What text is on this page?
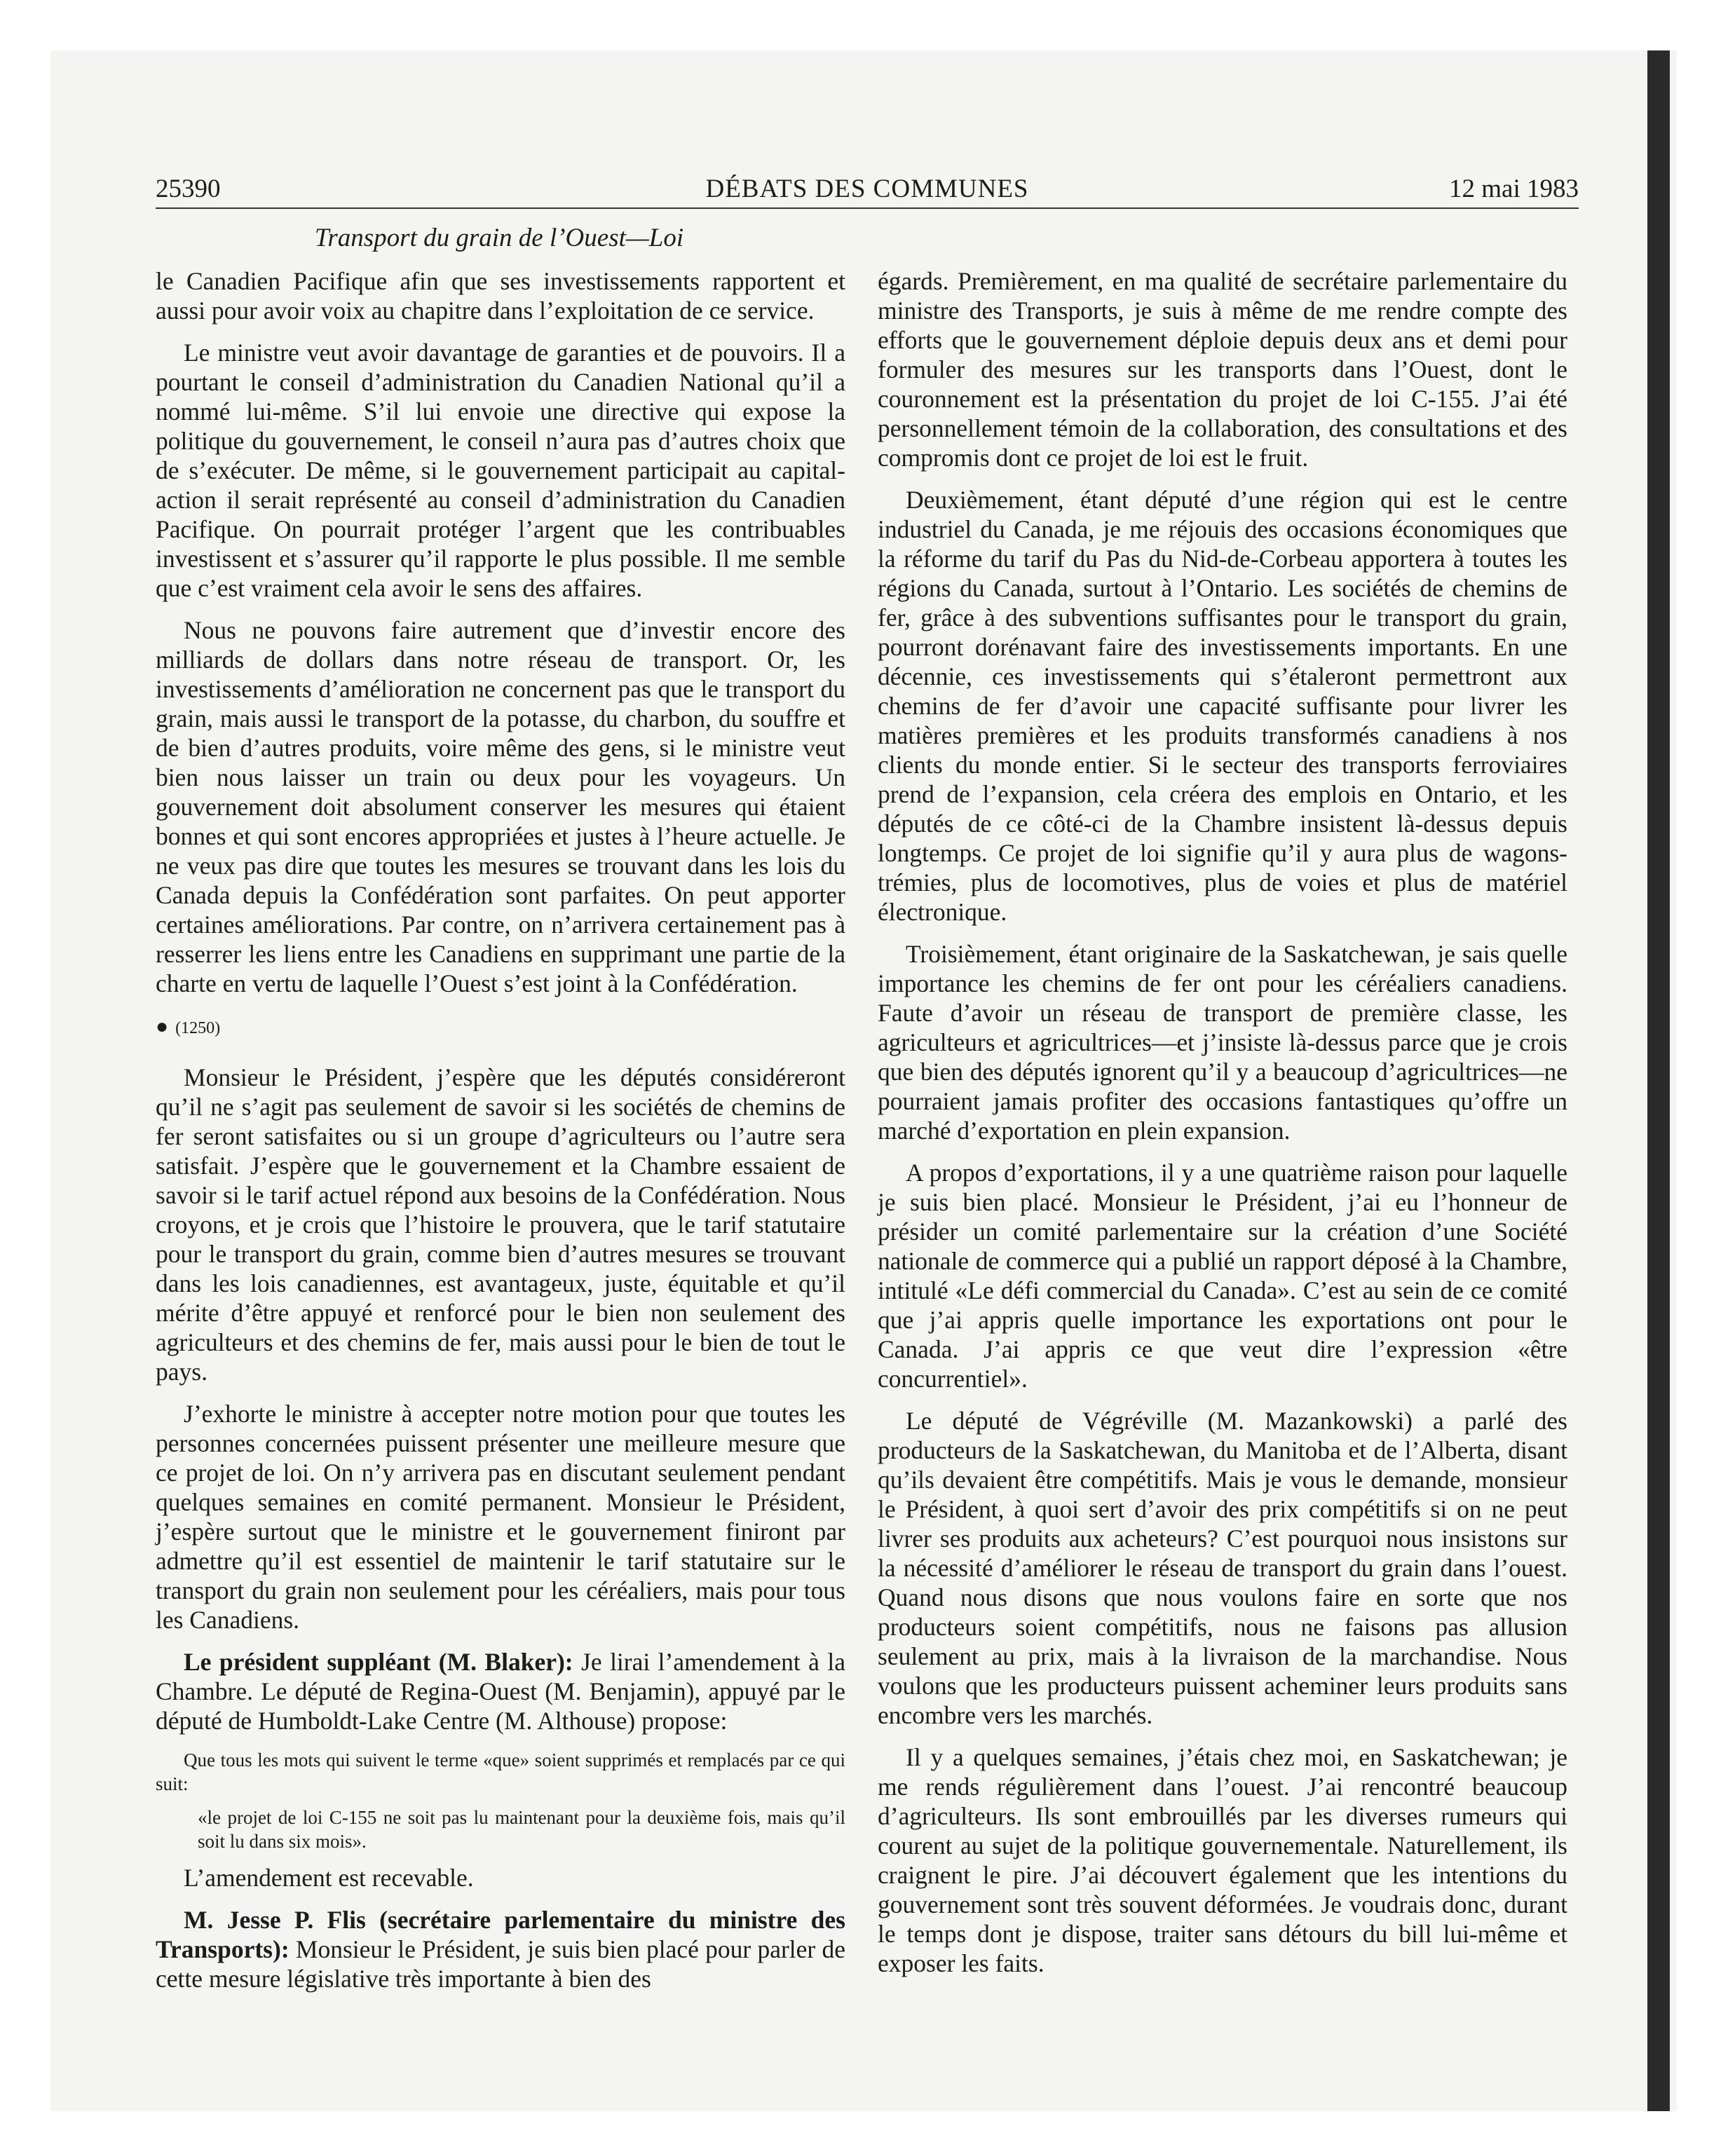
25390	DÉBATS DES COMMUNES	12 mai 1983
Transport du grain de l’Ouest—Loi

le Canadien Pacifique afin que ses investissements rapportent et aussi pour avoir voix au chapitre dans l’exploitation de ce service.

Le ministre veut avoir davantage de garanties et de pouvoirs. Il a pourtant le conseil d’administration du Canadien National qu’il a nommé lui-même. S’il lui envoie une directive qui expose la politique du gouvernement, le conseil n’aura pas d’autres choix que de s’exécuter. De même, si le gouvernement participait au capital-action il serait représenté au conseil d’administration du Canadien Pacifique. On pourrait protéger l’argent que les contribuables investissent et s’assurer qu’il rapporte le plus possible. Il me semble que c’est vraiment cela avoir le sens des affaires.

Nous ne pouvons faire autrement que d’investir encore des milliards de dollars dans notre réseau de transport. Or, les investissements d’amélioration ne concernent pas que le transport du grain, mais aussi le transport de la potasse, du charbon, du souffre et de bien d’autres produits, voire même des gens, si le ministre veut bien nous laisser un train ou deux pour les voyageurs. Un gouvernement doit absolument conserver les mesures qui étaient bonnes et qui sont encores appropriées et justes à l’heure actuelle. Je ne veux pas dire que toutes les mesures se trouvant dans les lois du Canada depuis la Confédération sont parfaites. On peut apporter certaines améliorations. Par contre, on n’arrivera certainement pas à resserrer les liens entre les Canadiens en supprimant une partie de la charte en vertu de laquelle l’Ouest s’est joint à la Confédération.

● (1250)

Monsieur le Président, j’espère que les députés considéreront qu’il ne s’agit pas seulement de savoir si les sociétés de chemins de fer seront satisfaites ou si un groupe d’agriculteurs ou l’autre sera satisfait. J’espère que le gouvernement et la Chambre essaient de savoir si le tarif actuel répond aux besoins de la Confédération. Nous croyons, et je crois que l’histoire le prouvera, que le tarif statutaire pour le transport du grain, comme bien d’autres mesures se trouvant dans les lois canadiennes, est avantageux, juste, équitable et qu’il mérite d’être appuyé et renforcé pour le bien non seulement des agriculteurs et des chemins de fer, mais aussi pour le bien de tout le pays.

J’exhorte le ministre à accepter notre motion pour que toutes les personnes concernées puissent présenter une meilleure mesure que ce projet de loi. On n’y arrivera pas en discutant seulement pendant quelques semaines en comité permanent. Monsieur le Président, j’espère surtout que le ministre et le gouvernement finiront par admettre qu’il est essentiel de maintenir le tarif statutaire sur le transport du grain non seulement pour les céréaliers, mais pour tous les Canadiens.

Le président suppléant (M. Blaker): Je lirai l’amendement à la Chambre. Le député de Regina-Ouest (M. Benjamin), appuyé par le député de Humboldt-Lake Centre (M. Althouse) propose:

Que tous les mots qui suivent le terme «que» soient supprimés et remplacés par ce qui suit:
«le projet de loi C-155 ne soit pas lu maintenant pour la deuxième fois, mais qu’il soit lu dans six mois».

L’amendement est recevable.

M. Jesse P. Flis (secrétaire parlementaire du ministre des Transports): Monsieur le Président, je suis bien placé pour parler de cette mesure législative très importante à bien des

égards. Premièrement, en ma qualité de secrétaire parlementaire du ministre des Transports, je suis à même de me rendre compte des efforts que le gouvernement déploie depuis deux ans et demi pour formuler des mesures sur les transports dans l’Ouest, dont le couronnement est la présentation du projet de loi C-155. J’ai été personnellement témoin de la collaboration, des consultations et des compromis dont ce projet de loi est le fruit.

Deuxièmement, étant député d’une région qui est le centre industriel du Canada, je me réjouis des occasions économiques que la réforme du tarif du Pas du Nid-de-Corbeau apportera à toutes les régions du Canada, surtout à l’Ontario. Les sociétés de chemins de fer, grâce à des subventions suffisantes pour le transport du grain, pourront dorénavant faire des investissements importants. En une décennie, ces investissements qui s’étaleront permettront aux chemins de fer d’avoir une capacité suffisante pour livrer les matières premières et les produits transformés canadiens à nos clients du monde entier. Si le secteur des transports ferroviaires prend de l’expansion, cela créera des emplois en Ontario, et les députés de ce côté-ci de la Chambre insistent là-dessus depuis longtemps. Ce projet de loi signifie qu’il y aura plus de wagons-trémies, plus de locomotives, plus de voies et plus de matériel électronique.

Troisièmement, étant originaire de la Saskatchewan, je sais quelle importance les chemins de fer ont pour les céréaliers canadiens. Faute d’avoir un réseau de transport de première classe, les agriculteurs et agricultrices—et j’insiste là-dessus parce que je crois que bien des députés ignorent qu’il y a beaucoup d’agricultrices—ne pourraient jamais profiter des occasions fantastiques qu’offre un marché d’exportation en plein expansion.

A propos d’exportations, il y a une quatrième raison pour laquelle je suis bien placé. Monsieur le Président, j’ai eu l’honneur de présider un comité parlementaire sur la création d’une Société nationale de commerce qui a publié un rapport déposé à la Chambre, intitulé «Le défi commercial du Canada». C’est au sein de ce comité que j’ai appris quelle importance les exportations ont pour le Canada. J’ai appris ce que veut dire l’expression «être concurrentiel».

Le député de Végréville (M. Mazankowski) a parlé des producteurs de la Saskatchewan, du Manitoba et de l’Alberta, disant qu’ils devaient être compétitifs. Mais je vous le demande, monsieur le Président, à quoi sert d’avoir des prix compétitifs si on ne peut livrer ses produits aux acheteurs? C’est pourquoi nous insistons sur la nécessité d’améliorer le réseau de transport du grain dans l’ouest. Quand nous disons que nous voulons faire en sorte que nos producteurs soient compétitifs, nous ne faisons pas allusion seulement au prix, mais à la livraison de la marchandise. Nous voulons que les producteurs puissent acheminer leurs produits sans encombre vers les marchés.

Il y a quelques semaines, j’étais chez moi, en Saskatchewan; je me rends régulièrement dans l’ouest. J’ai rencontré beaucoup d’agriculteurs. Ils sont embrouillés par les diverses rumeurs qui courent au sujet de la politique gouvernementale. Naturellement, ils craignent le pire. J’ai découvert également que les intentions du gouvernement sont très souvent déformées. Je voudrais donc, durant le temps dont je dispose, traiter sans détours du bill lui-même et exposer les faits.
